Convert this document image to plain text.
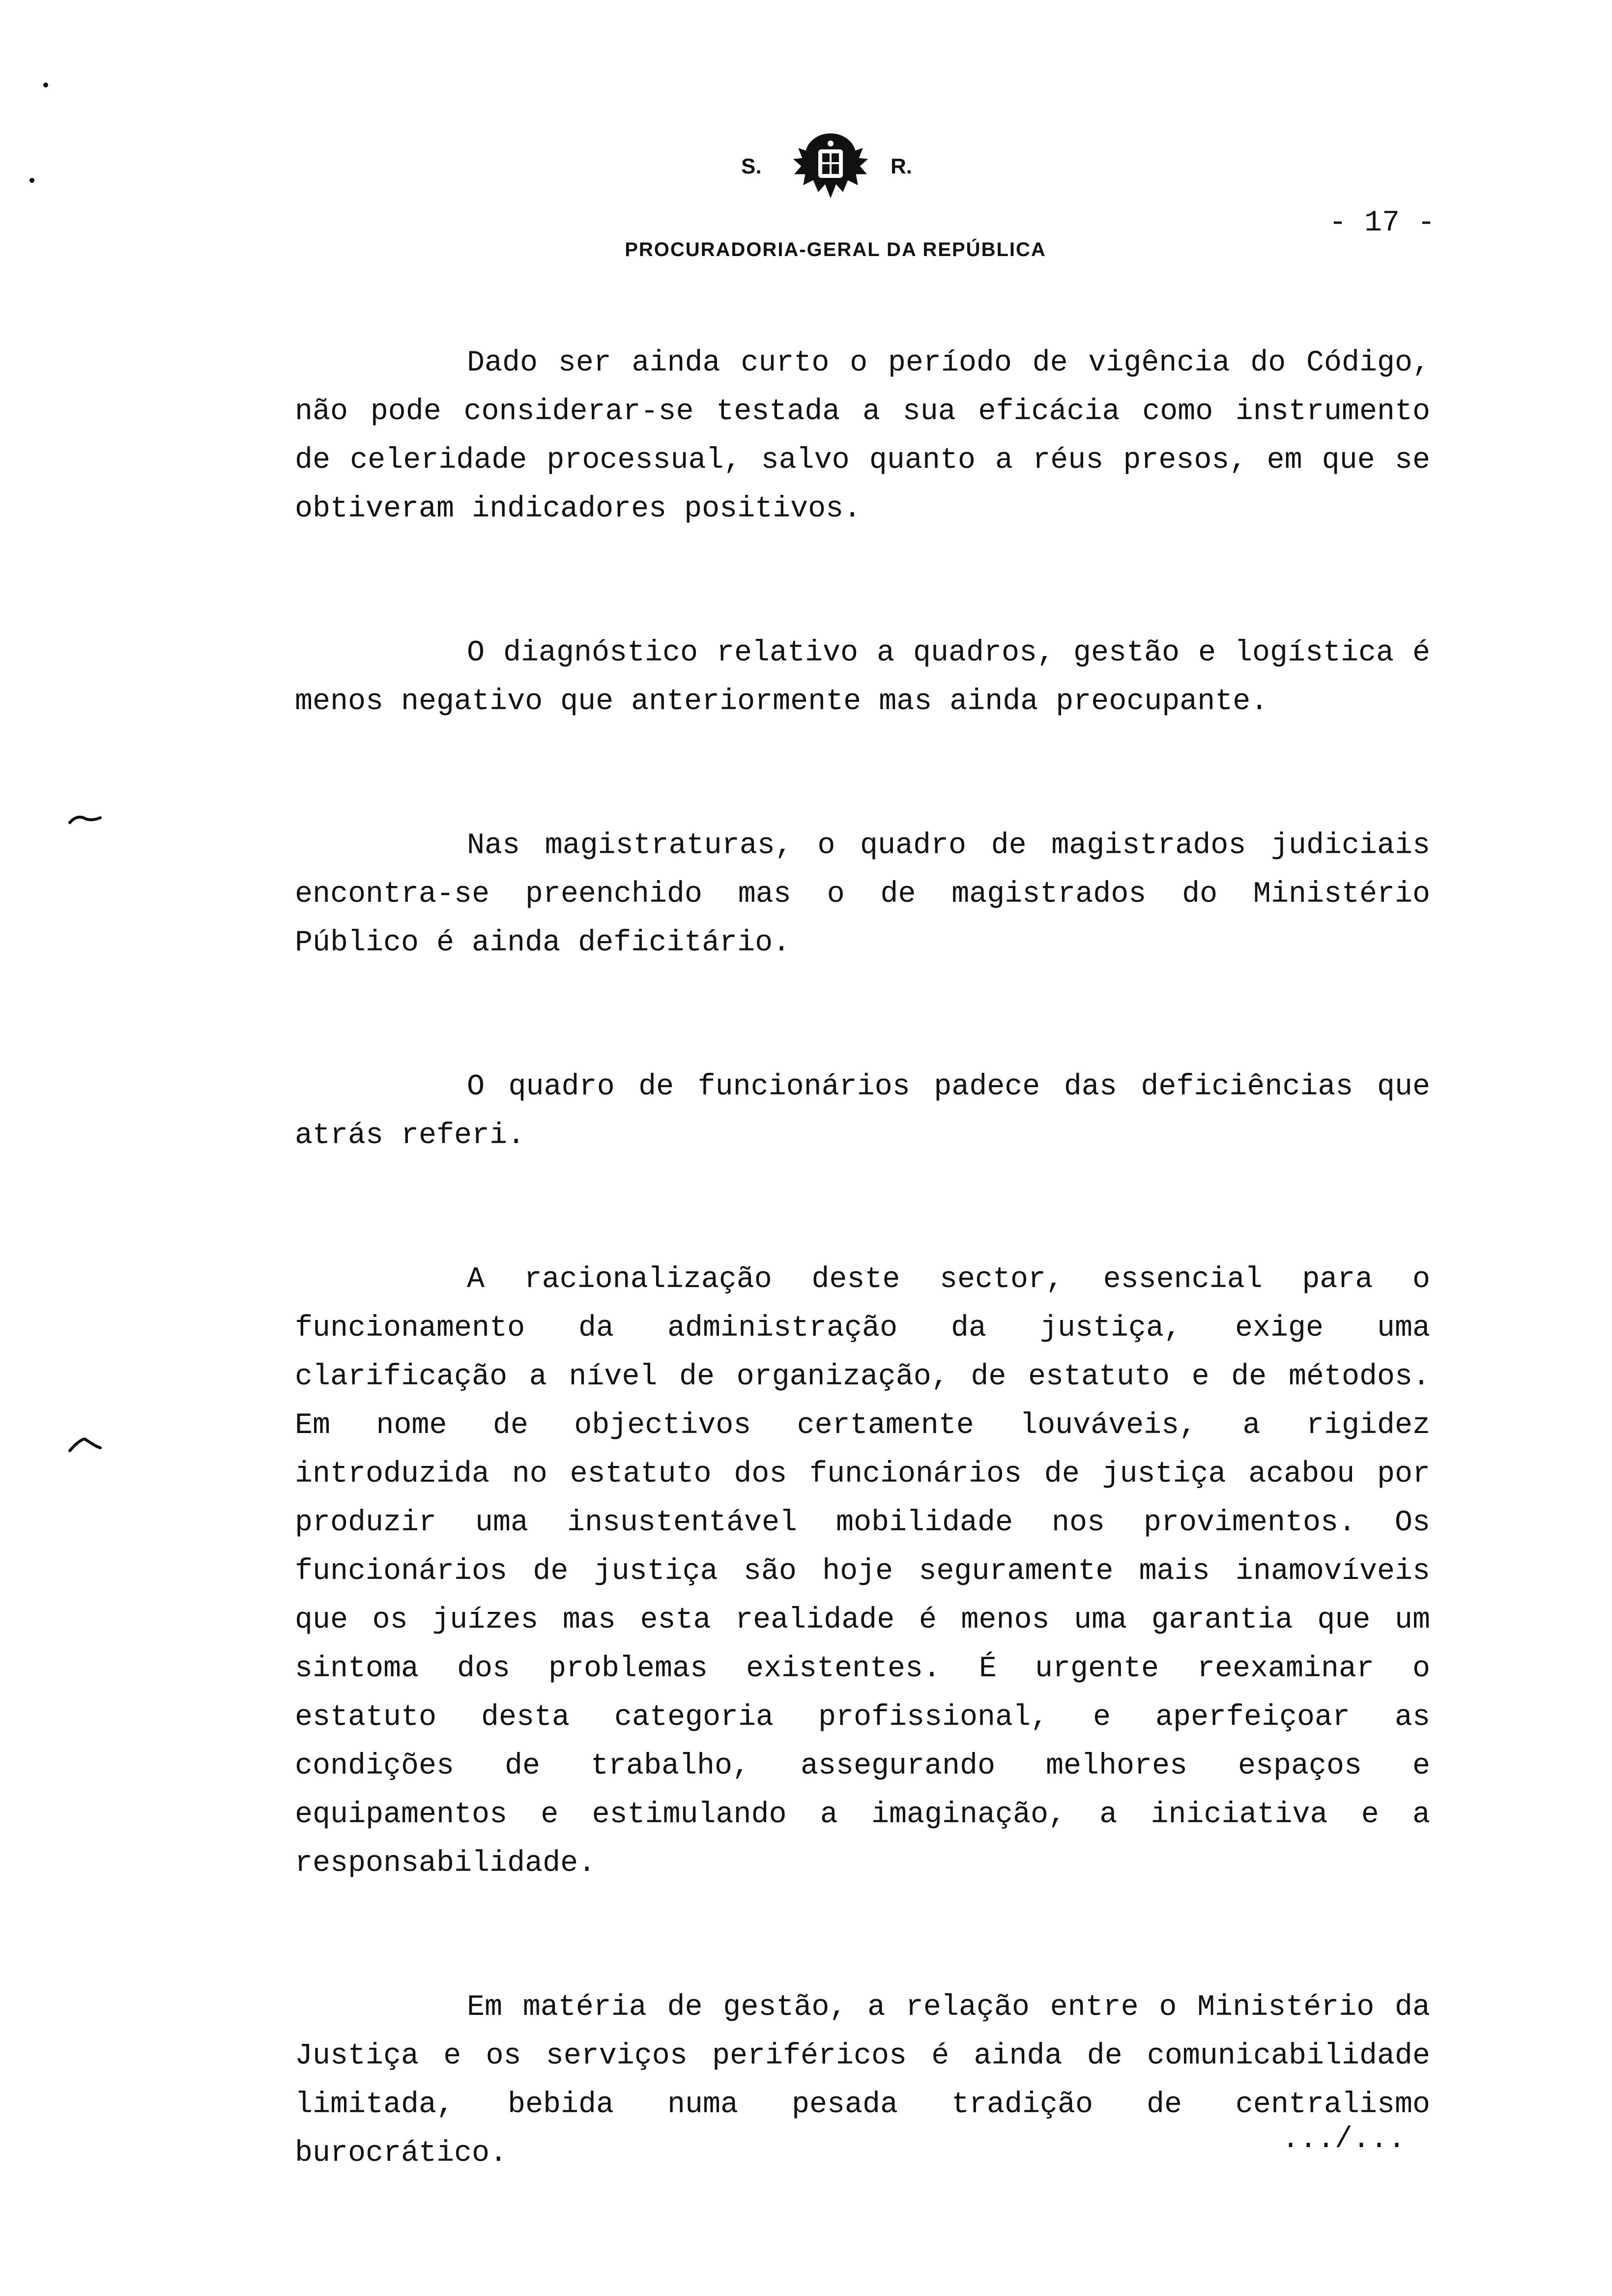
S.	R.
PROCURADORIA-GERAL DA REPÚBLICA
- 17 -

Dado ser ainda curto o período de vigência do Código, não pode considerar-se testada a sua eficácia como instrumento de celeridade processual, salvo quanto a réus presos, em que se obtiveram indicadores positivos.

O diagnóstico relativo a quadros, gestão e logística é menos negativo que anteriormente mas ainda preocupante.

Nas magistraturas, o quadro de magistrados judiciais encontra-se preenchido mas o de magistrados do Ministério Público é ainda deficitário.

O quadro de funcionários padece das deficiências que atrás referi.

A racionalização deste sector, essencial para o funcionamento da administração da justiça, exige uma clarificação a nível de organização, de estatuto e de métodos. Em nome de objectivos certamente louváveis, a rigidez introduzida no estatuto dos funcionários de justiça acabou por produzir uma insustentável mobilidade nos provimentos. Os funcionários de justiça são hoje seguramente mais inamovíveis que os juízes mas esta realidade é menos uma garantia que um sintoma dos problemas existentes. É urgente reexaminar o estatuto desta categoria profissional, e aperfeiçoar as condições de trabalho, assegurando melhores espaços e equipamentos e estimulando a imaginação, a iniciativa e a responsabilidade.

Em matéria de gestão, a relação entre o Ministério da Justiça e os serviços periféricos é ainda de comunicabilidade limitada, bebida numa pesada tradição de centralismo burocrático.	.../...
